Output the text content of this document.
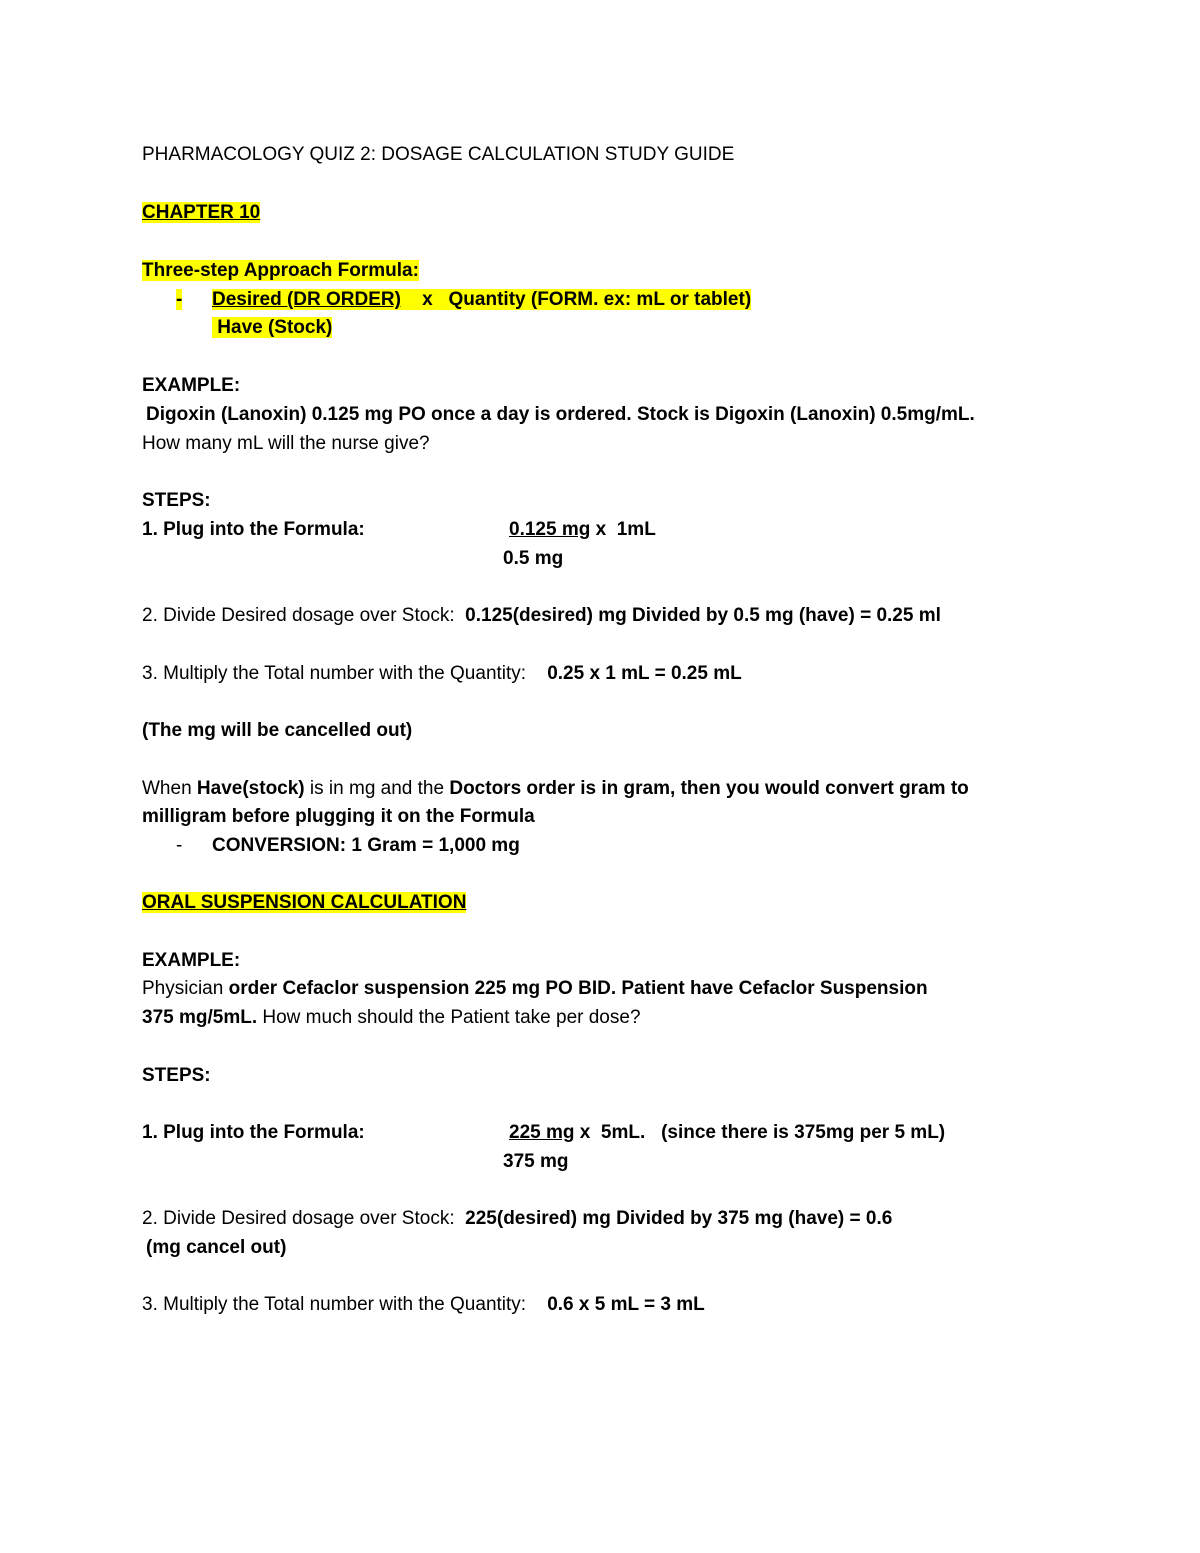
PHARMACOLOGY QUIZ 2: DOSAGE CALCULATION STUDY GUIDE
CHAPTER 10
Three-step Approach Formula:
- Desired (DR ORDER) x Quantity (FORM. ex: mL or tablet)
Have (Stock)
EXAMPLE:
Digoxin (Lanoxin) 0.125 mg PO once a day is ordered. Stock is Digoxin (Lanoxin) 0.5mg/mL.
How many mL will the nurse give?
STEPS:
1. Plug into the Formula:	0.125 mg x  1mL
0.5 mg
2. Divide Desired dosage over Stock: 0.125(desired) mg Divided by 0.5 mg (have) = 0.25 ml
3. Multiply the Total number with the Quantity: 0.25 x 1 mL = 0.25 mL
(The mg will be cancelled out)
When Have(stock) is in mg and the Doctors order is in gram, then you would convert gram to
milligram before plugging it on the Formula
- CONVERSION: 1 Gram = 1,000 mg
ORAL SUSPENSION CALCULATION
EXAMPLE:
Physician order Cefaclor suspension 225 mg PO BID. Patient have Cefaclor Suspension
375 mg/5mL. How much should the Patient take per dose?
STEPS:
1. Plug into the Formula:	225 mg x  5mL.   (since there is 375mg per 5 mL)
375 mg
2. Divide Desired dosage over Stock: 225(desired) mg Divided by 375 mg (have) = 0.6
(mg cancel out)
3. Multiply the Total number with the Quantity: 0.6 x 5 mL = 3 mL
